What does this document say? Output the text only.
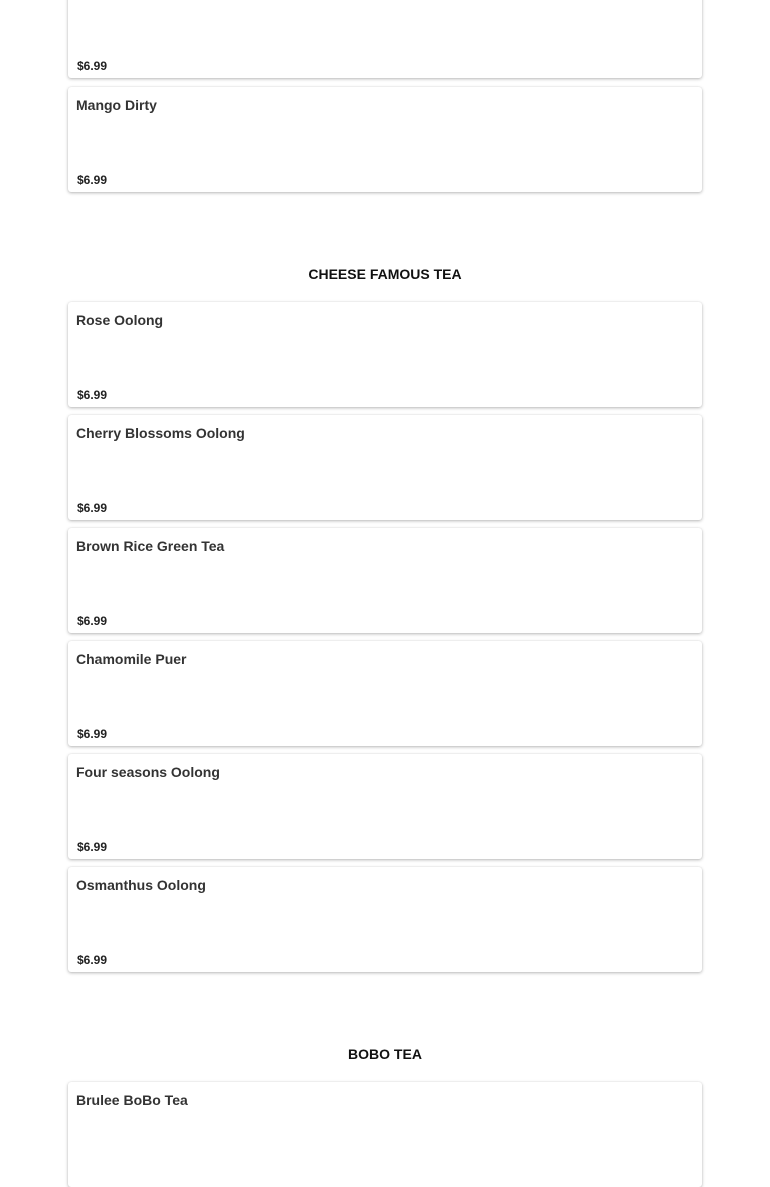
$6.99
Mango Dirty
$6.99
CHEESE FAMOUS TEA
Rose Oolong
$6.99
Cherry Blossoms Oolong
$6.99
Brown Rice Green Tea
$6.99
Chamomile Puer
$6.99
Four seasons Oolong
$6.99
Osmanthus Oolong
$6.99
BOBO TEA
Brulee BoBo Tea
